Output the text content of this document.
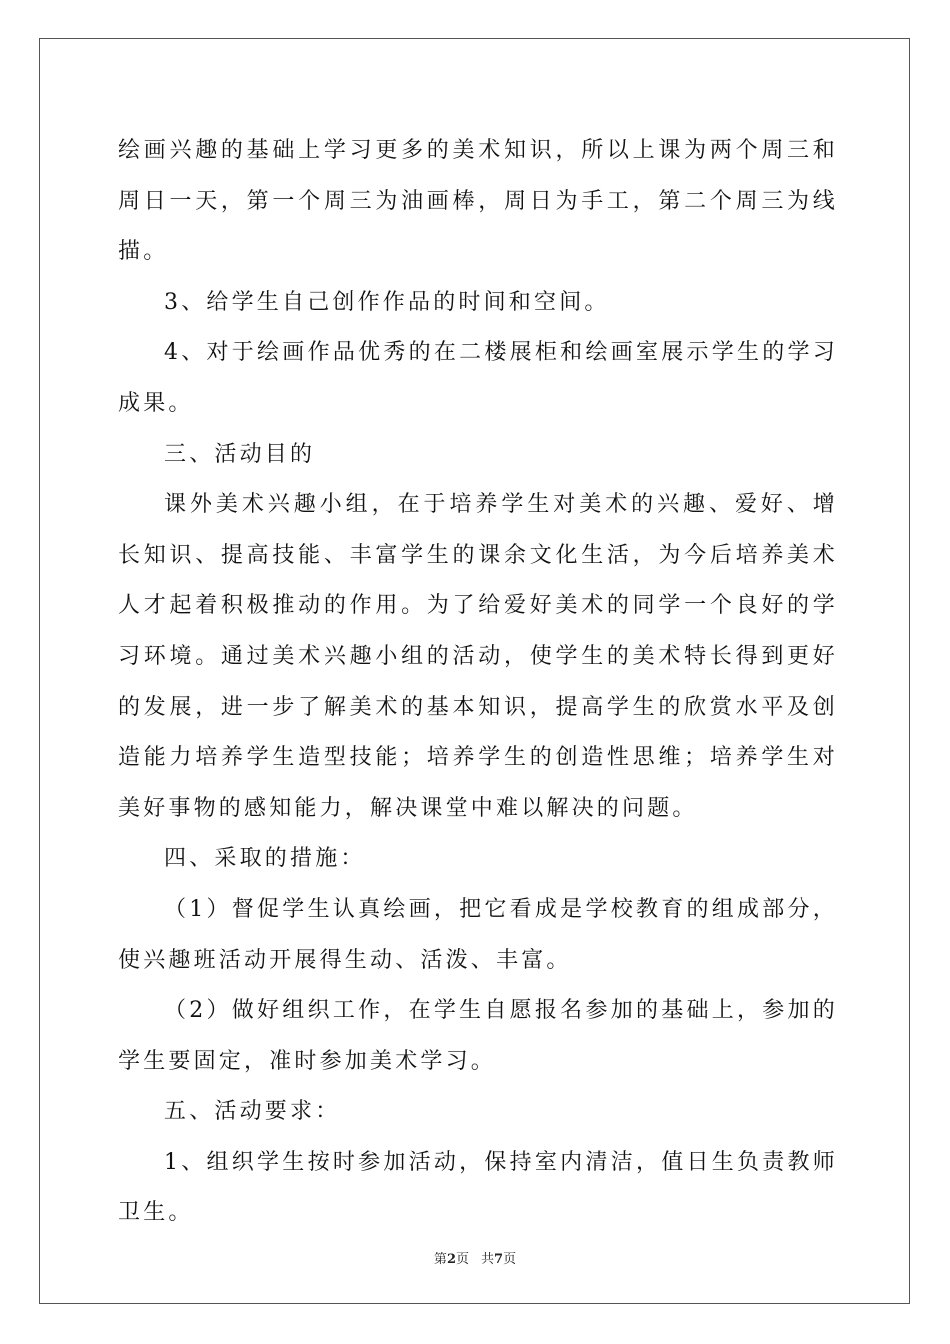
绘画兴趣的基础上学习更多的美术知识，所以上课为两个周三和周日一天，第一个周三为油画棒，周日为手工，第二个周三为线描。

3、给学生自己创作作品的时间和空间。

4、对于绘画作品优秀的在二楼展柜和绘画室展示学生的学习成果。

三、活动目的

课外美术兴趣小组，在于培养学生对美术的兴趣、爱好、增长知识、提高技能、丰富学生的课余文化生活，为今后培养美术人才起着积极推动的作用。为了给爱好美术的同学一个良好的学习环境。通过美术兴趣小组的活动，使学生的美术特长得到更好的发展，进一步了解美术的基本知识，提高学生的欣赏水平及创造能力培养学生造型技能；培养学生的创造性思维；培养学生对美好事物的感知能力，解决课堂中难以解决的问题。

四、采取的措施：

（1）督促学生认真绘画，把它看成是学校教育的组成部分，使兴趣班活动开展得生动、活泼、丰富。

（2）做好组织工作，在学生自愿报名参加的基础上，参加的学生要固定，准时参加美术学习。

五、活动要求：

1、组织学生按时参加活动，保持室内清洁，值日生负责教师卫生。

第2页 共7页
